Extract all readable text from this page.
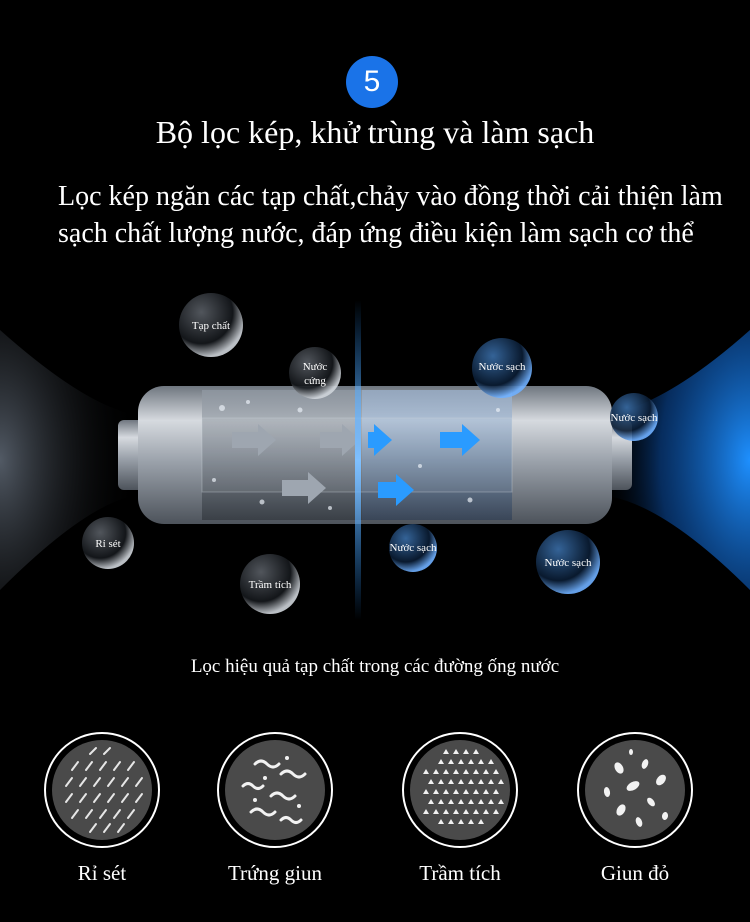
5
Bộ lọc kép, khử trùng và làm sạch
Lọc kép ngăn các tạp chất,chảy vào đồng thời cải thiện làm sạch chất lượng nước, đáp ứng điều kiện làm sạch cơ thể
Tạp chất
Nước
cứng
Rỉ sét
Trầm tích
Nước sạch
Nước sạch
Nước sạch
Nước sạch
Lọc hiệu quả tạp chất trong các đường ống nước
Rỉ sét	Trứng giun	Trầm tích	Giun đỏ
